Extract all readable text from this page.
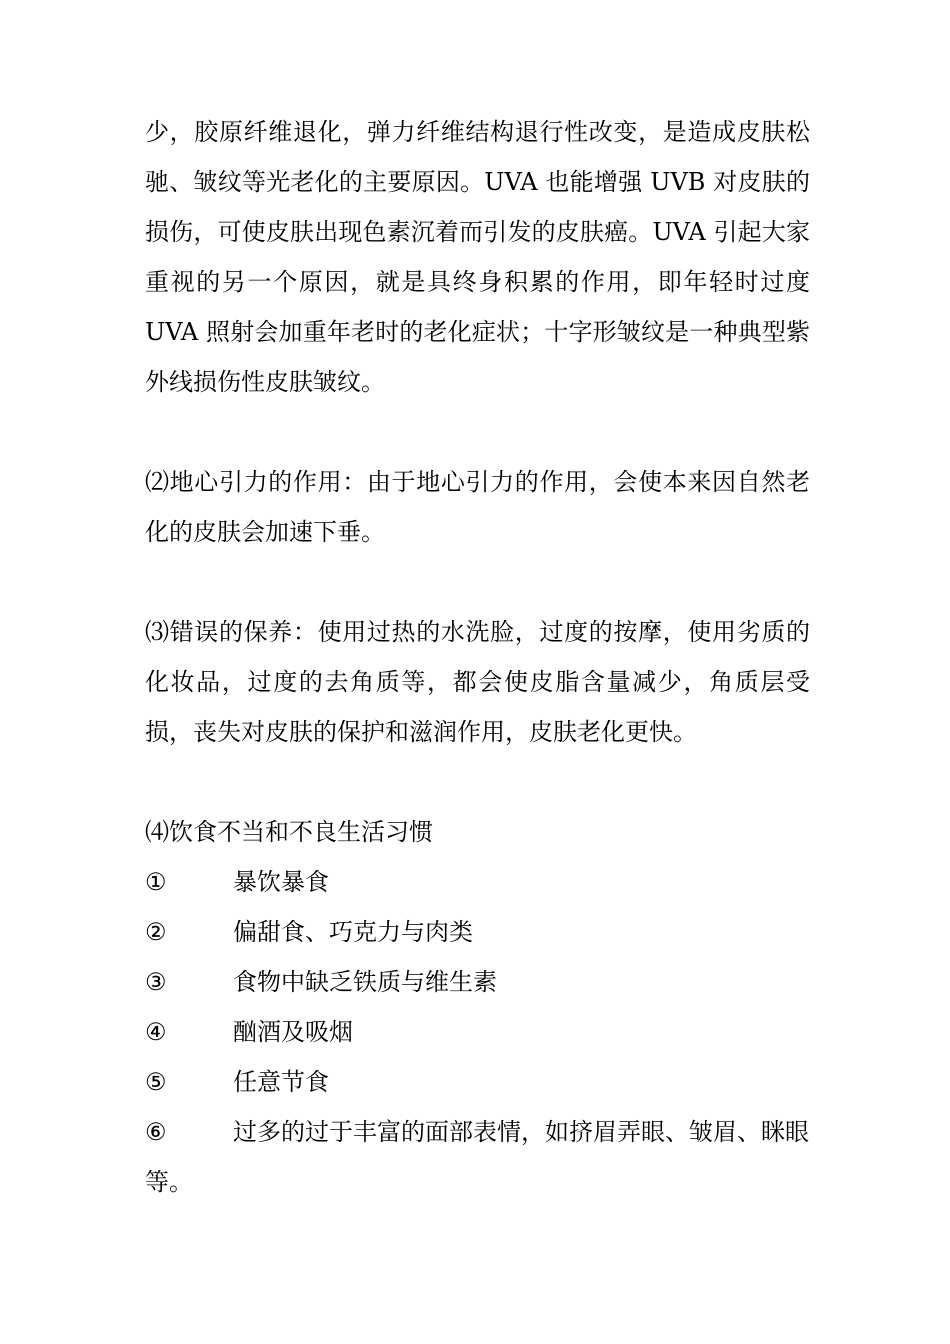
少，胶原纤维退化，弹力纤维结构退行性改变，是造成皮肤松驰、皱纹等光老化的主要原因。UVA 也能增强 UVB 对皮肤的损伤，可使皮肤出现色素沉着而引发的皮肤癌。UVA 引起大家重视的另一个原因，就是具终身积累的作用，即年轻时过度 UVA 照射会加重年老时的老化症状；十字形皱纹是一种典型紫外线损伤性皮肤皱纹。

⑵地心引力的作用：由于地心引力的作用，会使本来因自然老化的皮肤会加速下垂。

⑶错误的保养：使用过热的水洗脸，过度的按摩，使用劣质的化妆品，过度的去角质等，都会使皮脂含量减少，角质层受损，丧失对皮肤的保护和滋润作用，皮肤老化更快。

⑷饮食不当和不良生活习惯

①	暴饮暴食
②	偏甜食、巧克力与肉类
③	食物中缺乏铁质与维生素
④	酗酒及吸烟
⑤	任意节食
⑥	过多的过于丰富的面部表情，如挤眉弄眼、皱眉、眯眼等。
